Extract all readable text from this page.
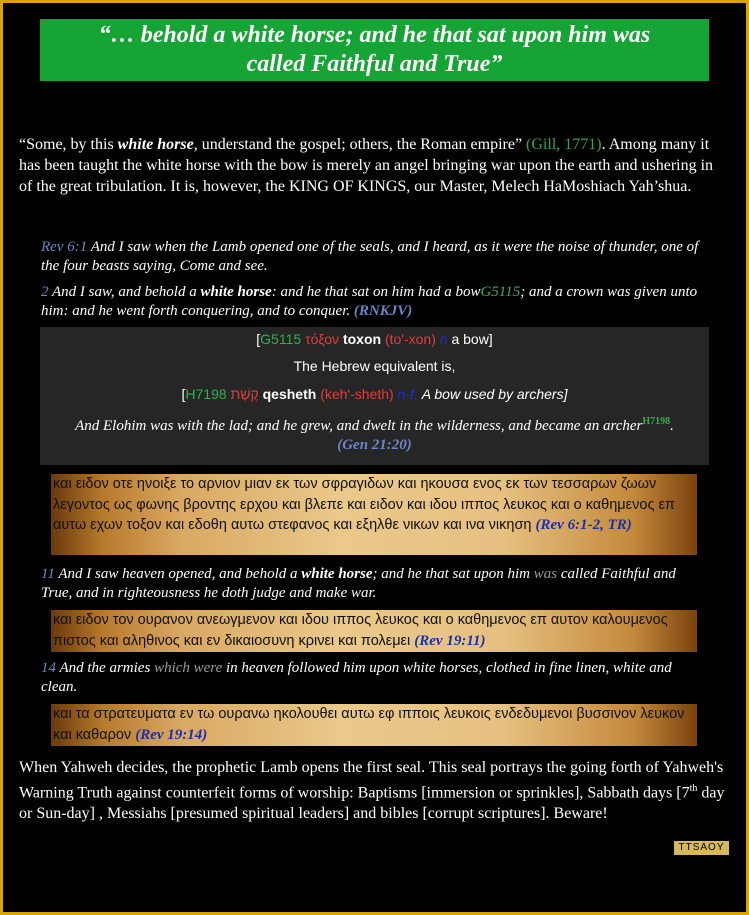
“… behold a white horse; and he that sat upon him was
called Faithful and True”
“Some, by this white horse, understand the gospel; others, the Roman empire” (Gill, 1771). Among many it has been taught the white horse with the bow is merely an angel bringing war upon the earth and ushering in of the great tribulation. It is, however, the KING OF KINGS, our Master, Melech HaMoshiach Yah’shua.
Rev 6:1 And I saw when the Lamb opened one of the seals, and I heard, as it were the noise of thunder, one of the four beasts saying, Come and see.
2 And I saw, and behold a white horse: and he that sat on him had a bowG5115; and a crown was given unto him: and he went forth conquering, and to conquer. (RNKJV)
[G5115 τόξον toxon (to'-xon) n a bow]
The Hebrew equivalent is,
[H7198 קֶשֶׁת qesheth (keh'-sheth) n-f. A bow used by archers]
And Elohim was with the lad; and he grew, and dwelt in the wilderness, and became an archer$^{H7198}$.
(Gen 21:20)
και ειδον οτε ηνοιξε το αρνιον μιαν εκ των σφραγιδων και ηκουσα ενος εκ των τεσσαρων ζωων λεγοντος ως φωνης βροντης ερχου και βλεπε και ειδον και ιδου ιππος λευκος και ο καθημενος επ αυτω εχων τοξον και εδοθη αυτω στεφανος και εξηλθε νικων και ινα νικηση (Rev 6:1-2, TR)
11 And I saw heaven opened, and behold a white horse; and he that sat upon him was called Faithful and True, and in righteousness he doth judge and make war.
και ειδον τον ουρανον ανεωγμενον και ιδου ιππος λευκος και ο καθημενος επ αυτον καλουμενος πιστος και αληθινος και εν δικαιοσυνη κρινει και πολεμει (Rev 19:11)
14 And the armies which were in heaven followed him upon white horses, clothed in fine linen, white and clean.
και τα στρατευματα εν τω ουρανω ηκολουθει αυτω εφ ιπποις λευκοις ενδεδυμενοι βυσσινον λευκον και καθαρον (Rev 19:14)
When Yahweh decides, the prophetic Lamb opens the first seal. This seal portrays the going forth of Yahweh's Warning Truth against counterfeit forms of worship: Baptisms [immersion or sprinkles], Sabbath days [7th day or Sun-day] , Messiahs [presumed spiritual leaders] and bibles [corrupt scriptures]. Beware!
TTSAOY
